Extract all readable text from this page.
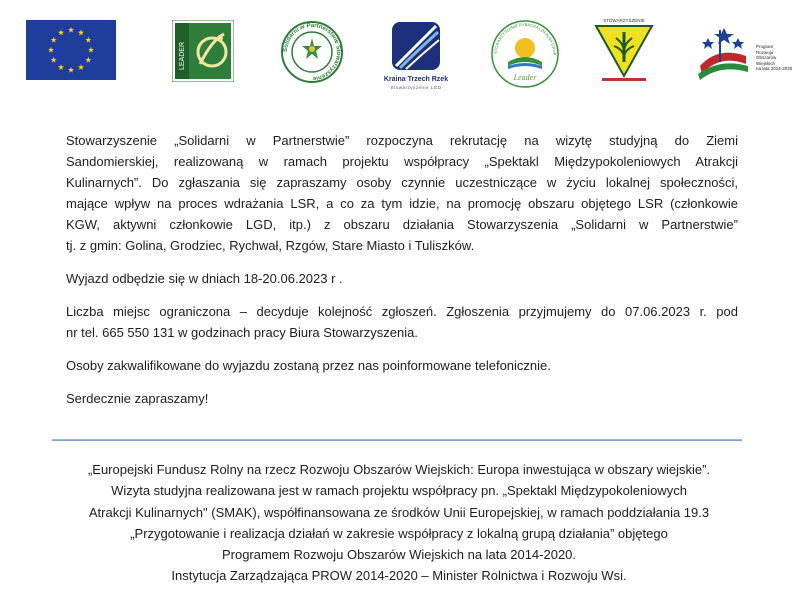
LEADER	Solidarni w Partnerstwie Stowarzyszenie	Kraina Trzech Rzek
Stowarzyszenie LGD
STOWARZYSZENIE RYBACKA LOKALNA GRUP
Leader
STOWARZYSZENIE
Program
Rozwoju
Obszarów
Wiejskich
na lata 2014-2020
Stowarzyszenie „Solidarni w Partnerstwie” rozpoczyna rekrutację na wizytę studyjną do Ziemi
Sandomierskiej, realizowaną w ramach projektu współpracy „Spektakl Międzypokoleniowych Atrakcji
Kulinarnych”. Do zgłaszania się zapraszamy osoby czynnie uczestniczące w życiu lokalnej społeczności,
mające wpływ na proces wdrażania LSR, a co za tym idzie, na promocję obszaru objętego LSR (członkowie
KGW, aktywni członkowie LGD, itp.) z obszaru działania Stowarzyszenia „Solidarni w Partnerstwie”
tj. z gmin: Golina, Grodziec, Rychwał, Rzgów, Stare Miasto i Tuliszków.

Wyjazd odbędzie się w dniach 18-20.06.2023 r .

Liczba miejsc ograniczona – decyduje kolejność zgłoszeń. Zgłoszenia przyjmujemy do 07.06.2023 r. pod
nr tel. 665 550 131 w godzinach pracy Biura Stowarzyszenia.

Osoby zakwalifikowane do wyjazdu zostaną przez nas poinformowane telefonicznie.

Serdecznie zapraszamy!

„Europejski Fundusz Rolny na rzecz Rozwoju Obszarów Wiejskich: Europa inwestująca w obszary wiejskie”.
Wizyta studyjna realizowana jest w ramach projektu współpracy pn. „Spektakl Międzypokoleniowych
Atrakcji Kulinarnych" (SMAK), współfinansowana ze środków Unii Europejskiej, w ramach poddziałania 19.3
„Przygotowanie i realizacja działań w zakresie współpracy z lokalną grupą działania” objętego
Programem Rozwoju Obszarów Wiejskich na lata 2014-2020.
Instytucja Zarządzająca PROW 2014-2020 – Minister Rolnictwa i Rozwoju Wsi.
